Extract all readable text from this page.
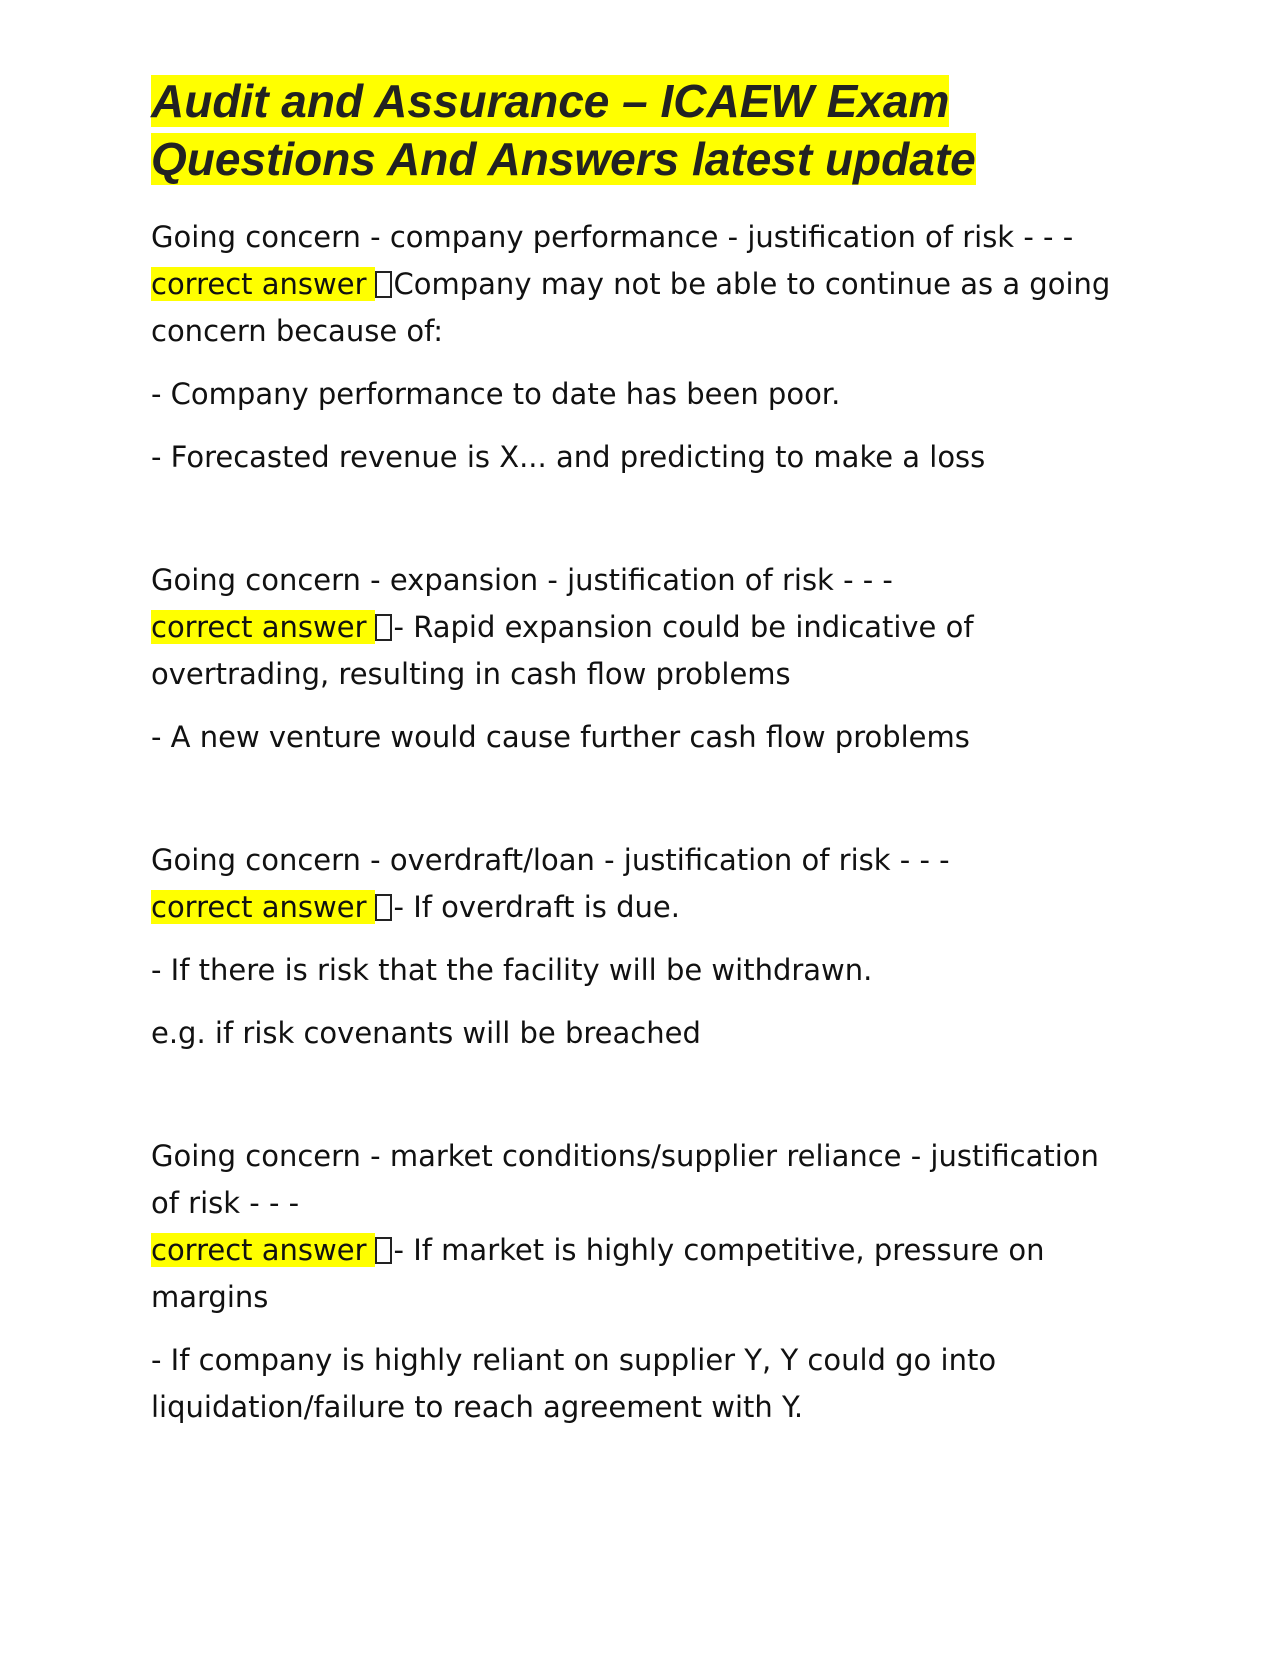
Audit and Assurance – ICAEW Exam
Questions And Answers latest update

Going concern - company performance - justification of risk - - -
correct answer Company may not be able to continue as a going concern because of:

- Company performance to date has been poor.

- Forecasted revenue is X... and predicting to make a loss

Going concern - expansion - justification of risk - - -
correct answer - Rapid expansion could be indicative of overtrading, resulting in cash flow problems

- A new venture would cause further cash flow problems

Going concern - overdraft/loan - justification of risk - - -
correct answer - If overdraft is due.

- If there is risk that the facility will be withdrawn.

e.g. if risk covenants will be breached

Going concern - market conditions/supplier reliance - justification of risk - - -
correct answer - If market is highly competitive, pressure on margins

- If company is highly reliant on supplier Y, Y could go into liquidation/failure to reach agreement with Y.
